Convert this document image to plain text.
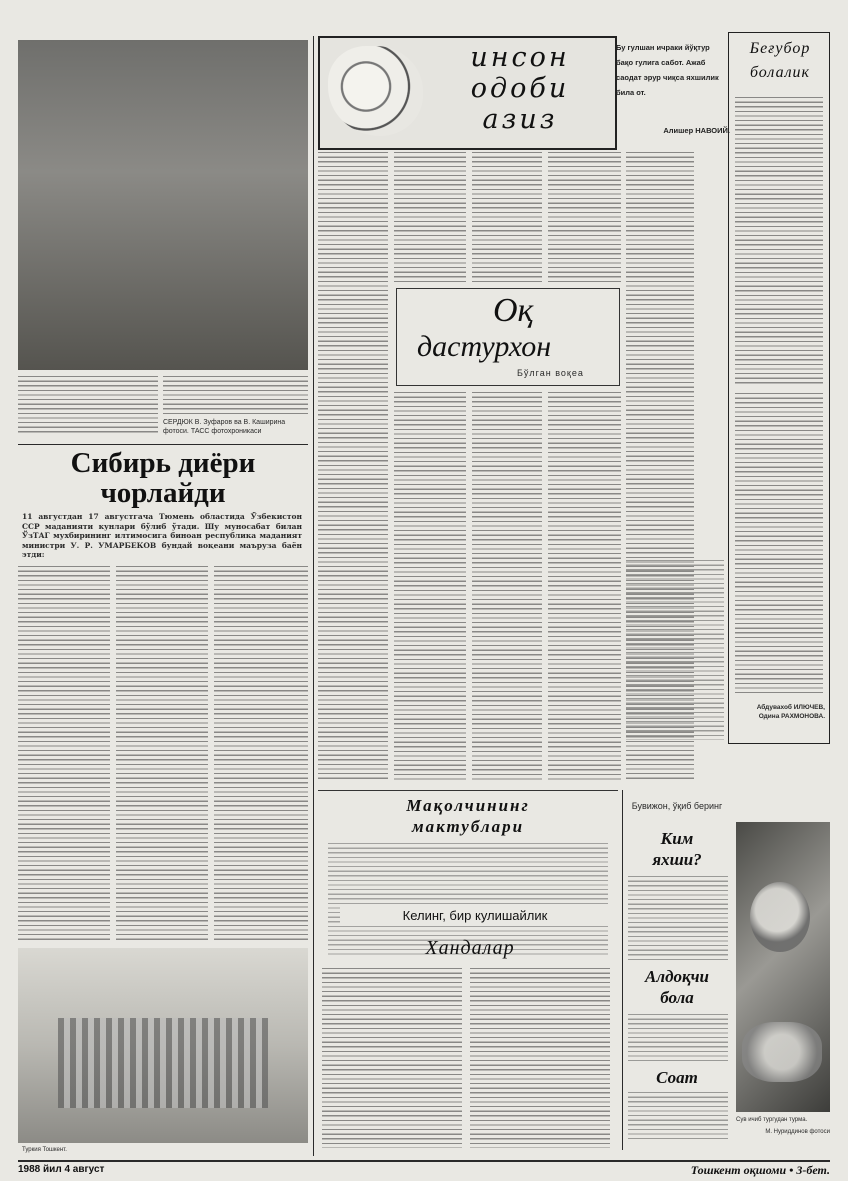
СЕРДЮК В. Зуфаров ва В. Каширина фотоси. ТАСС фотохроникаси
Сибирь диёри
чорлайди
11 августдан 17 августгача Тюмень областида Ўзбекистон ССР маданияти кунлари бўлиб ўтади. Шу муносабат билан ЎзТАГ мухбирининг илтимосига биноан республика маданият министри У. Р. УМАРБЕКОВ бундай воқеани маъруза баён этди:
Туркия Тошкент.
инсон
одоби
азиз
Бу гулшан ичраки йўқтур бақо гулига сабот. Ажаб саодат эрур чиқса яхшилик била от.
Алишер НАВОИЙ.
Оқ
дастурхон
Бўлган воқеа
Беғубор
болалик
Абдувахоб ИЛЮЧЕВ,
Одина РАХМОНОВА.
Мақолчининг
мактублари
Келинг, бир кулишайлик
Хандалар
Бувижон, ўқиб беринг
Ким
яхши?
Алдоқчи
бола
Соат
Сув ичиб тургудан турма.
М. Нуриддинов фотоси
1988 йил 4 август	Тошкент оқшоми • 3-бет.
